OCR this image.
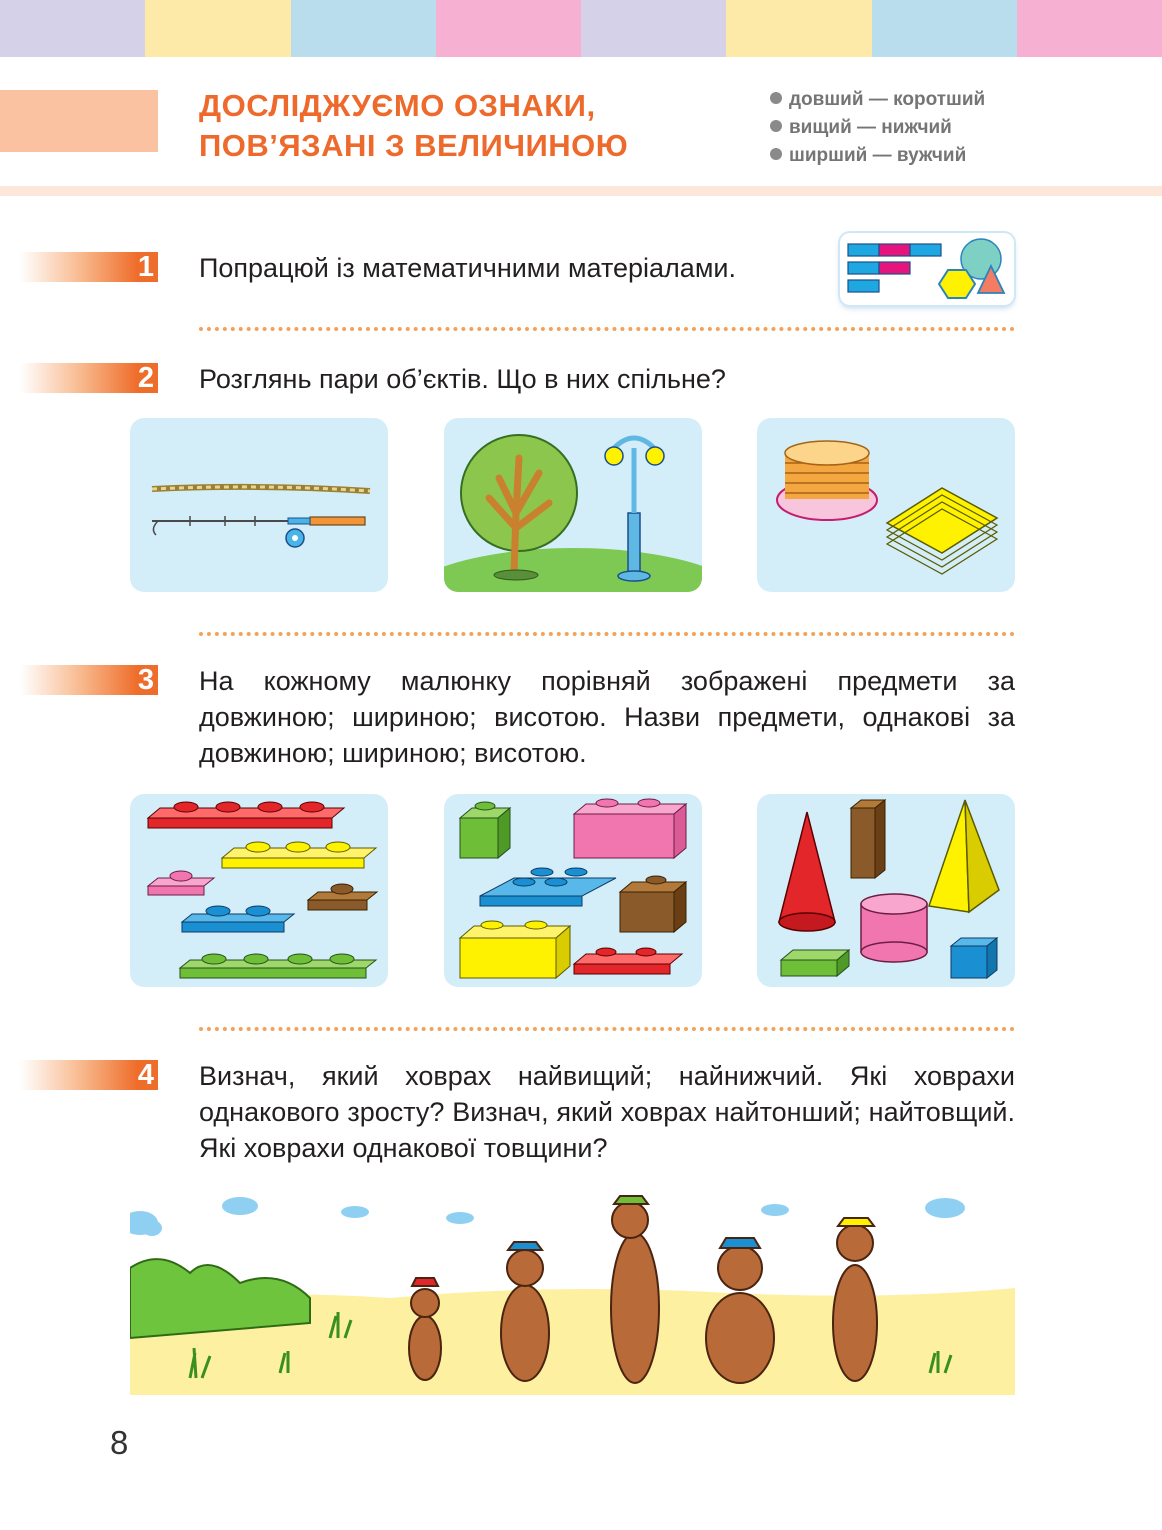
ДОСЛІДЖУЄМО ОЗНАКИ,
ПОВ’ЯЗАНІ З ВЕЛИЧИНОЮ
довший — коротший
вищий — нижчий
ширший — вужчий
1 Попрацюй із математичними матеріалами.
2 Розглянь пари об’єктів. Що в них спільне?
3 На кожному малюнку порівняй зображені предмети за довжиною; шириною; висотою. Назви предмети, однакові за довжиною; шириною; висотою.
4 Визнач, який ховрах найвищий; найнижчий. Які ховрахи однакового зросту? Визнач, який ховрах найтонший; найтовщий. Які ховрахи однакової товщини?
8
